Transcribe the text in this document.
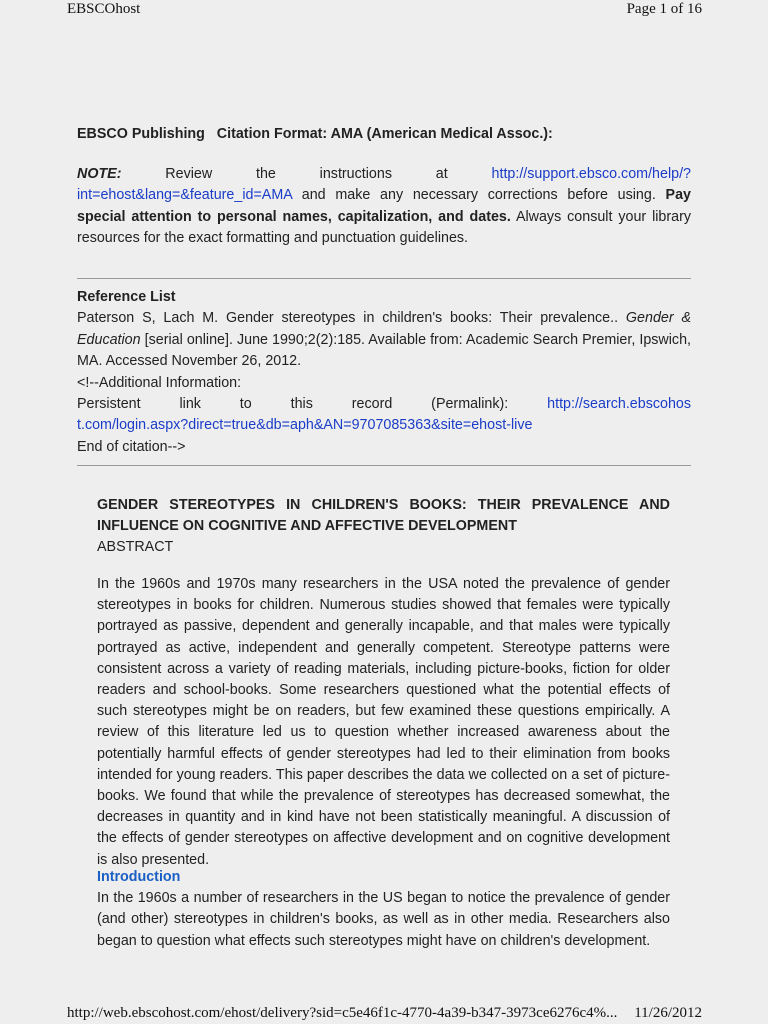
EBSCOhost	Page 1 of 16
EBSCO Publishing   Citation Format: AMA (American Medical Assoc.):
NOTE: Review the instructions at http://support.ebsco.com/help/?int=ehost&lang=&feature_id=AMA and make any necessary corrections before using. Pay special attention to personal names, capitalization, and dates. Always consult your library resources for the exact formatting and punctuation guidelines.
Reference List
Paterson S, Lach M. Gender stereotypes in children's books: Their prevalence.. Gender & Education [serial online]. June 1990;2(2):185. Available from: Academic Search Premier, Ipswich, MA. Accessed November 26, 2012.
<!--Additional Information:
Persistent link to this record (Permalink): http://search.ebscohost.com/login.aspx?direct=true&db=aph&AN=9707085363&site=ehost-live
End of citation-->
GENDER STEREOTYPES IN CHILDREN'S BOOKS: THEIR PREVALENCE AND INFLUENCE ON COGNITIVE AND AFFECTIVE DEVELOPMENT
ABSTRACT
In the 1960s and 1970s many researchers in the USA noted the prevalence of gender stereotypes in books for children. Numerous studies showed that females were typically portrayed as passive, dependent and generally incapable, and that males were typically portrayed as active, independent and generally competent. Stereotype patterns were consistent across a variety of reading materials, including picture-books, fiction for older readers and school-books. Some researchers questioned what the potential effects of such stereotypes might be on readers, but few examined these questions empirically. A review of this literature led us to question whether increased awareness about the potentially harmful effects of gender stereotypes had led to their elimination from books intended for young readers. This paper describes the data we collected on a set of picture-books. We found that while the prevalence of stereotypes has decreased somewhat, the decreases in quantity and in kind have not been statistically meaningful. A discussion of the effects of gender stereotypes on affective development and on cognitive development is also presented.
Introduction
In the 1960s a number of researchers in the US began to notice the prevalence of gender (and other) stereotypes in children's books, as well as in other media. Researchers also began to question what effects such stereotypes might have on children's development.
http://web.ebscohost.com/ehost/delivery?sid=c5e46f1c-4770-4a39-b347-3973ce6276c4%... 11/26/2012
